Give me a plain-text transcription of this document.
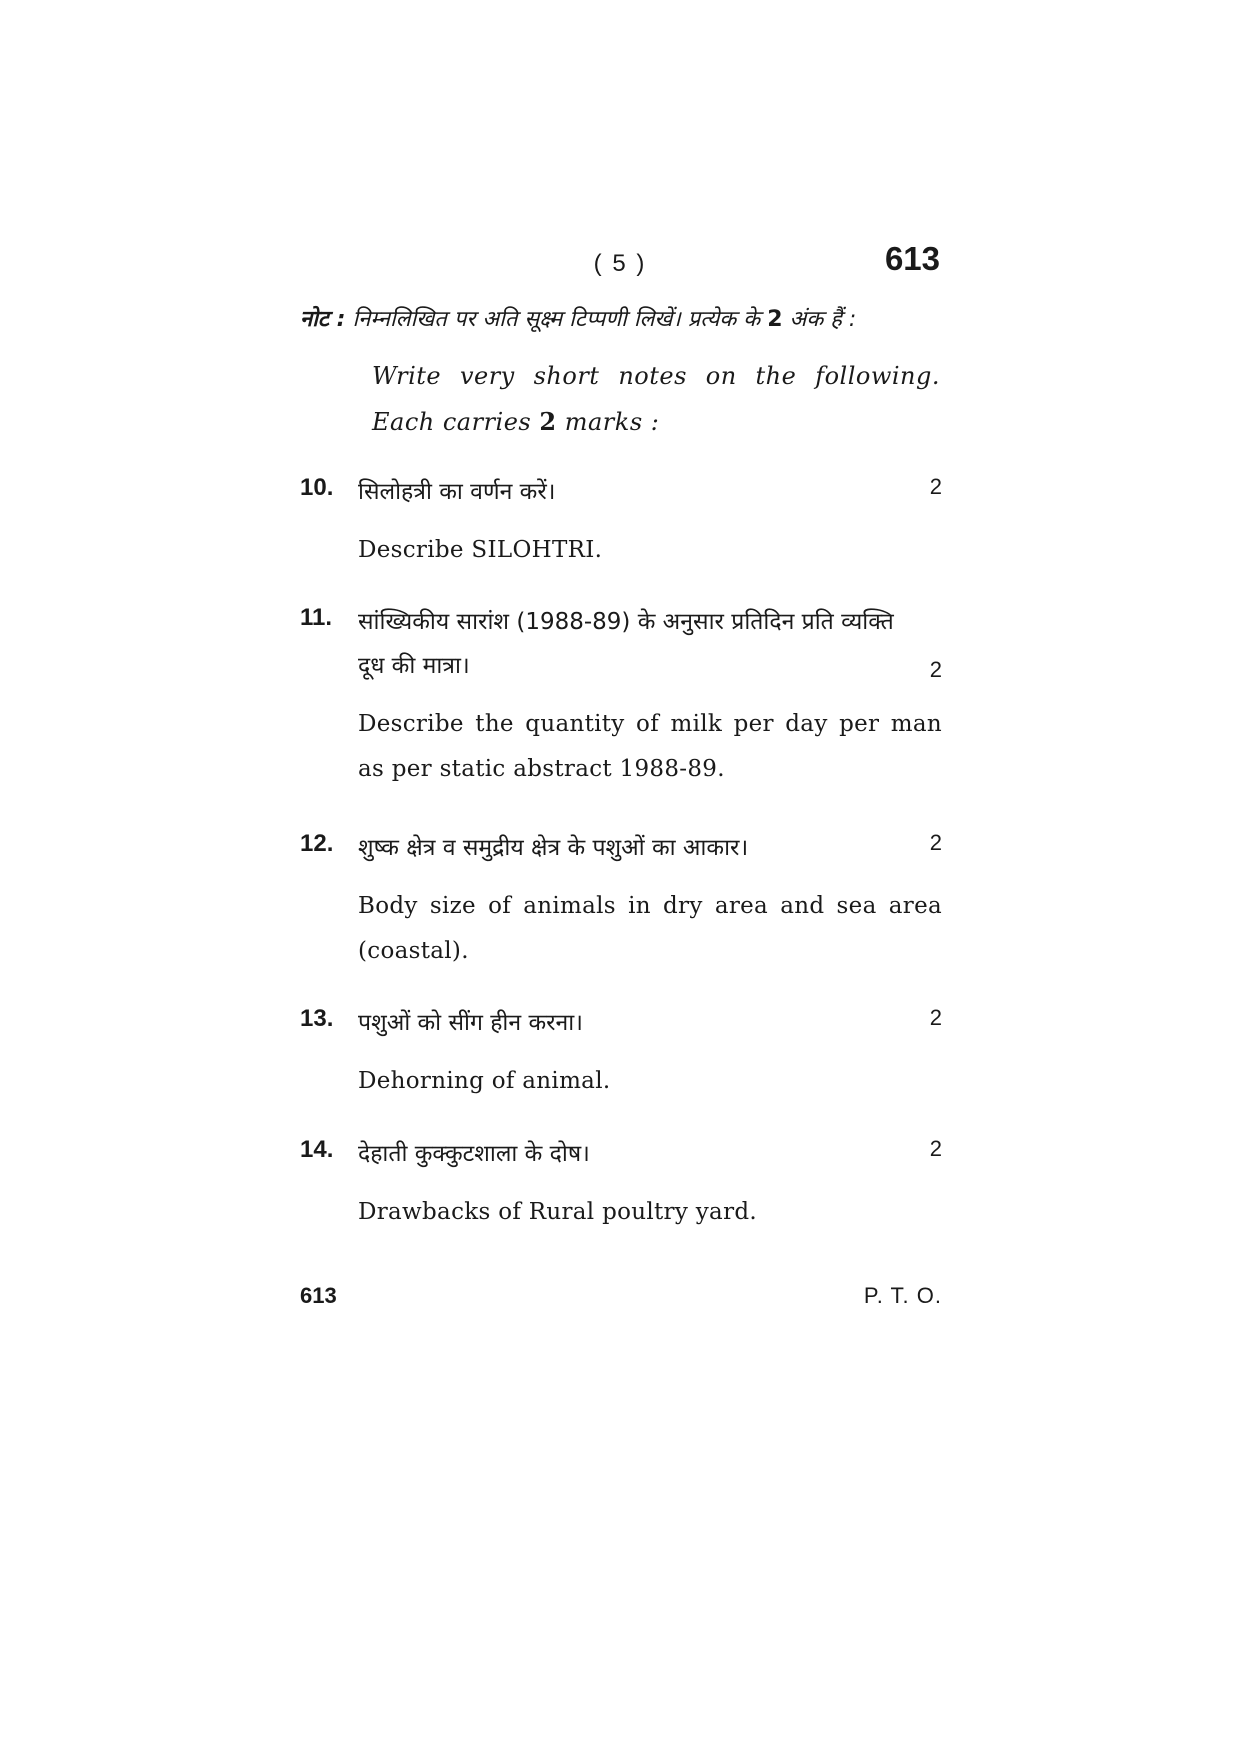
( 5 )	613
नोट : निम्नलिखित पर अति सूक्ष्म टिप्पणी लिखें। प्रत्येक के 2 अंक हैं :
Write very short notes on the following. Each carries 2 marks :
10. सिलोहत्री का वर्णन करें।	2
Describe SILOHTRI.
11. सांख्यिकीय सारांश (1988-89) के अनुसार प्रतिदिन प्रति व्यक्ति
दूध की मात्रा।	2
Describe the quantity of milk per day per man as per static abstract 1988-89.
12. शुष्क क्षेत्र व समुद्रीय क्षेत्र के पशुओं का आकार।	2
Body size of animals in dry area and sea area (coastal).
13. पशुओं को सींग हीन करना।	2
Dehorning of animal.
14. देहाती कुक्कुटशाला के दोष।	2
Drawbacks of Rural poultry yard.
613	P. T. O.
